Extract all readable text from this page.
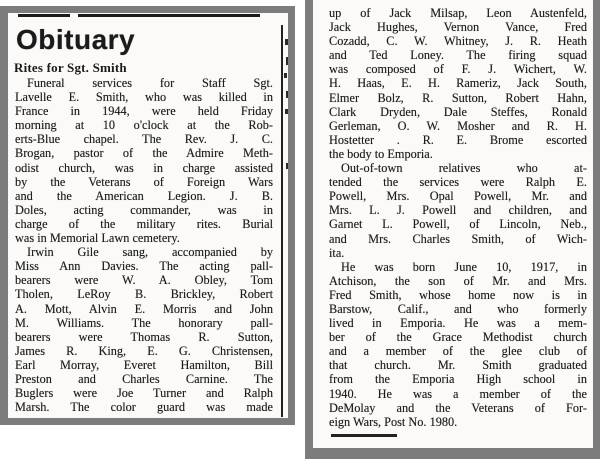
Obituary
Rites for Sgt. Smith
Funeral services for Staff Sgt.
Lavelle E. Smith, who was killed in
France in 1944, were held Friday
morning at 10 o'clock at the Rob-
erts-Blue chapel. The Rev. J. C.
Brogan, pastor of the Admire Meth-
odist church, was in charge assisted
by the Veterans of Foreign Wars
and the American Legion. J. B.
Doles, acting commander, was in
charge of the military rites. Burial
was in Memorial Lawn cemetery.
Irwin Gile sang, accompanied by
Miss Ann Davies. The acting pall-
bearers were W. A. Obley, Tom
Tholen, LeRoy B. Brickley, Robert
A. Mott, Alvin E. Morris and John
M. Williams. The honorary pall-
bearers were Thomas R. Sutton,
James R. King, E. G. Christensen,
Earl Morray, Everet Hamilton, Bill
Preston and Charles Carnine. The
Buglers were Joe Turner and Ralph
Marsh. The color guard was made
up of Jack Milsap, Leon Austenfeld,
Jack Hughes, Vernon Vance, Fred
Cozadd, C. W. Whitney, J. R. Heath
and Ted Loney. The firing squad
was composed of F. J. Wichert, W.
H. Haas, E. H. Rameriz, Jack South,
Elmer Bolz, R. Sutton, Robert Hahn,
Clark Dryden, Dale Steffes, Ronald
Gerleman, O. W. Mosher and R. H.
Hostetter . R. E. Brome escorted
the body to Emporia.
Out-of-town relatives who at-
tended the services were Ralph E.
Powell, Mrs. Opal Powell, Mr. and
Mrs. L. J. Powell and children, and
Garnet L. Powell, of Lincoln, Neb.,
and Mrs. Charles Smith, of Wich-
ita.
He was born June 10, 1917, in
Atchison, the son of Mr. and Mrs.
Fred Smith, whose home now is in
Barstow, Calif., and who formerly
lived in Emporia. He was a mem-
ber of the Grace Methodist church
and a member of the glee club of
that church. Mr. Smith graduated
from the Emporia High school in
1940. He was a member of the
DeMolay and the Veterans of For-
eign Wars, Post No. 1980.
